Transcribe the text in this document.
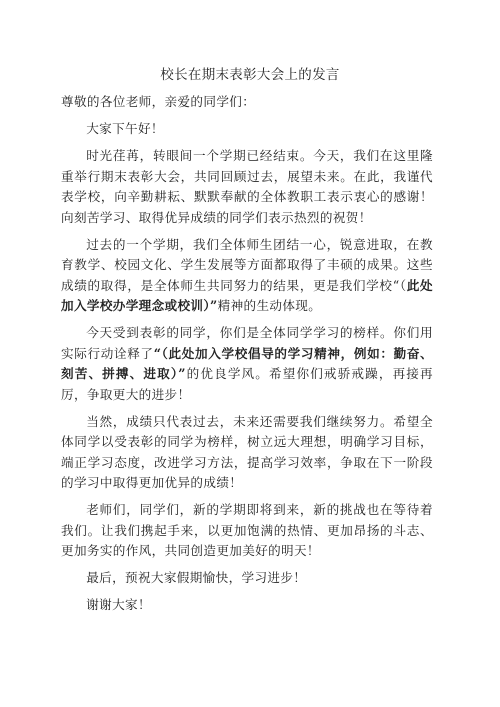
校长在期末表彰大会上的发言

尊敬的各位老师，亲爱的同学们：

大家下午好！

时光荏苒，转眼间一个学期已经结束。今天，我们在这里隆重举行期末表彰大会，共同回顾过去，展望未来。在此，我谨代表学校，向辛勤耕耘、默默奉献的全体教职工表示衷心的感谢！向刻苦学习、取得优异成绩的同学们表示热烈的祝贺！

过去的一个学期，我们全体师生团结一心，锐意进取，在教育教学、校园文化、学生发展等方面都取得了丰硕的成果。这些成绩的取得，是全体师生共同努力的结果，更是我们学校“（此处加入学校办学理念或校训）”精神的生动体现。

今天受到表彰的同学，你们是全体同学学习的榜样。你们用实际行动诠释了“（此处加入学校倡导的学习精神，例如：勤奋、刻苦、拼搏、进取）”的优良学风。希望你们戒骄戒躁，再接再厉，争取更大的进步！

当然，成绩只代表过去，未来还需要我们继续努力。希望全体同学以受表彰的同学为榜样，树立远大理想，明确学习目标，端正学习态度，改进学习方法，提高学习效率，争取在下一阶段的学习中取得更加优异的成绩！

老师们，同学们，新的学期即将到来，新的挑战也在等待着我们。让我们携起手来，以更加饱满的热情、更加昂扬的斗志、更加务实的作风，共同创造更加美好的明天！

最后，预祝大家假期愉快，学习进步！

谢谢大家！
